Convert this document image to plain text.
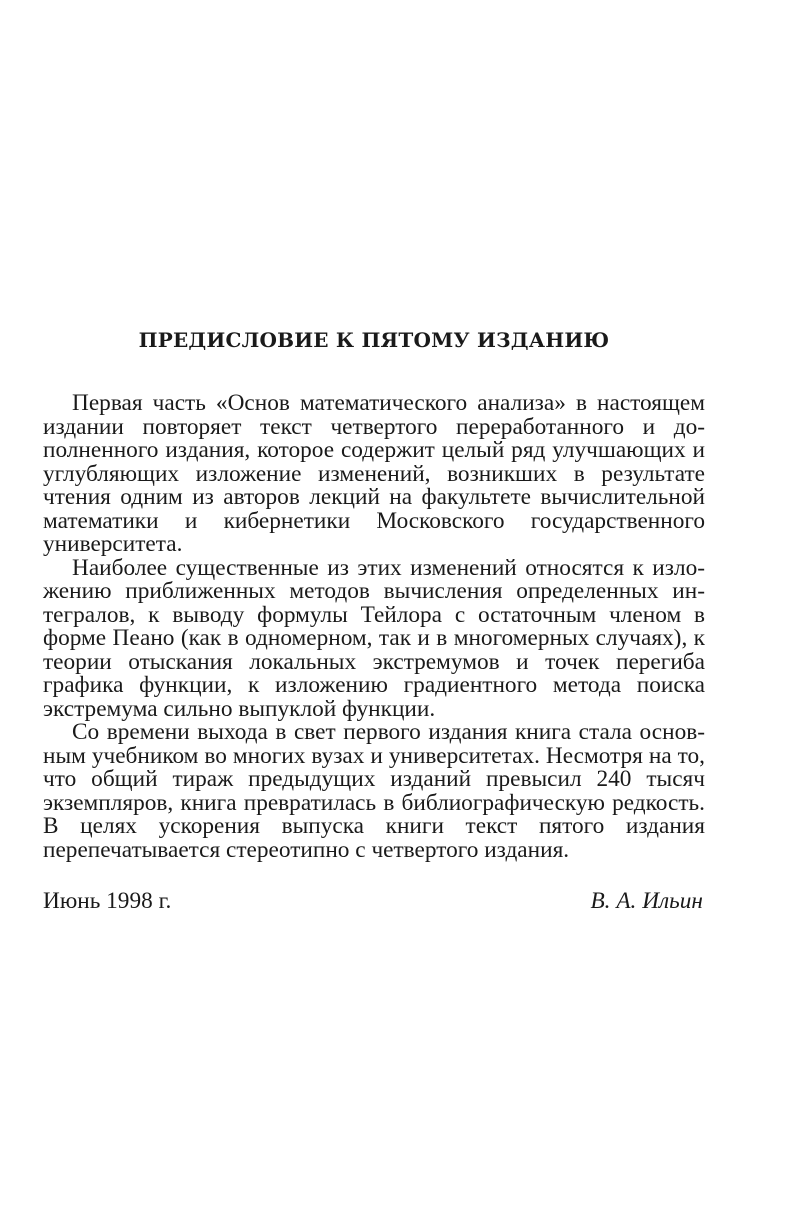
ПРЕДИСЛОВИЕ К ПЯТОМУ ИЗДАНИЮ

Первая часть «Основ математического анализа» в настоящем издании повторяет текст четвертого переработанного и дополненного издания, которое содержит целый ряд улучшающих и углубляющих изложение изменений, возникших в результате чтения одним из авторов лекций на факультете вычислительной математики и кибернетики Московского государственного университета.

Наиболее существенные из этих изменений относятся к изложению приближенных методов вычисления определенных интегралов, к выводу формулы Тейлора с остаточным членом в форме Пеано (как в одномерном, так и в многомерных случаях), к теории отыскания локальных экстремумов и точек перегиба графика функции, к изложению градиентного метода поиска экстремума сильно выпуклой функции.

Со времени выхода в свет первого издания книга стала основным учебником во многих вузах и университетах. Несмотря на то, что общий тираж предыдущих изданий превысил 240 тысяч экземпляров, книга превратилась в библиографическую редкость. В целях ускорения выпуска книги текст пятого издания перепечатывается стереотипно с четвертого издания.

Июнь 1998 г.	В. А. Ильин
